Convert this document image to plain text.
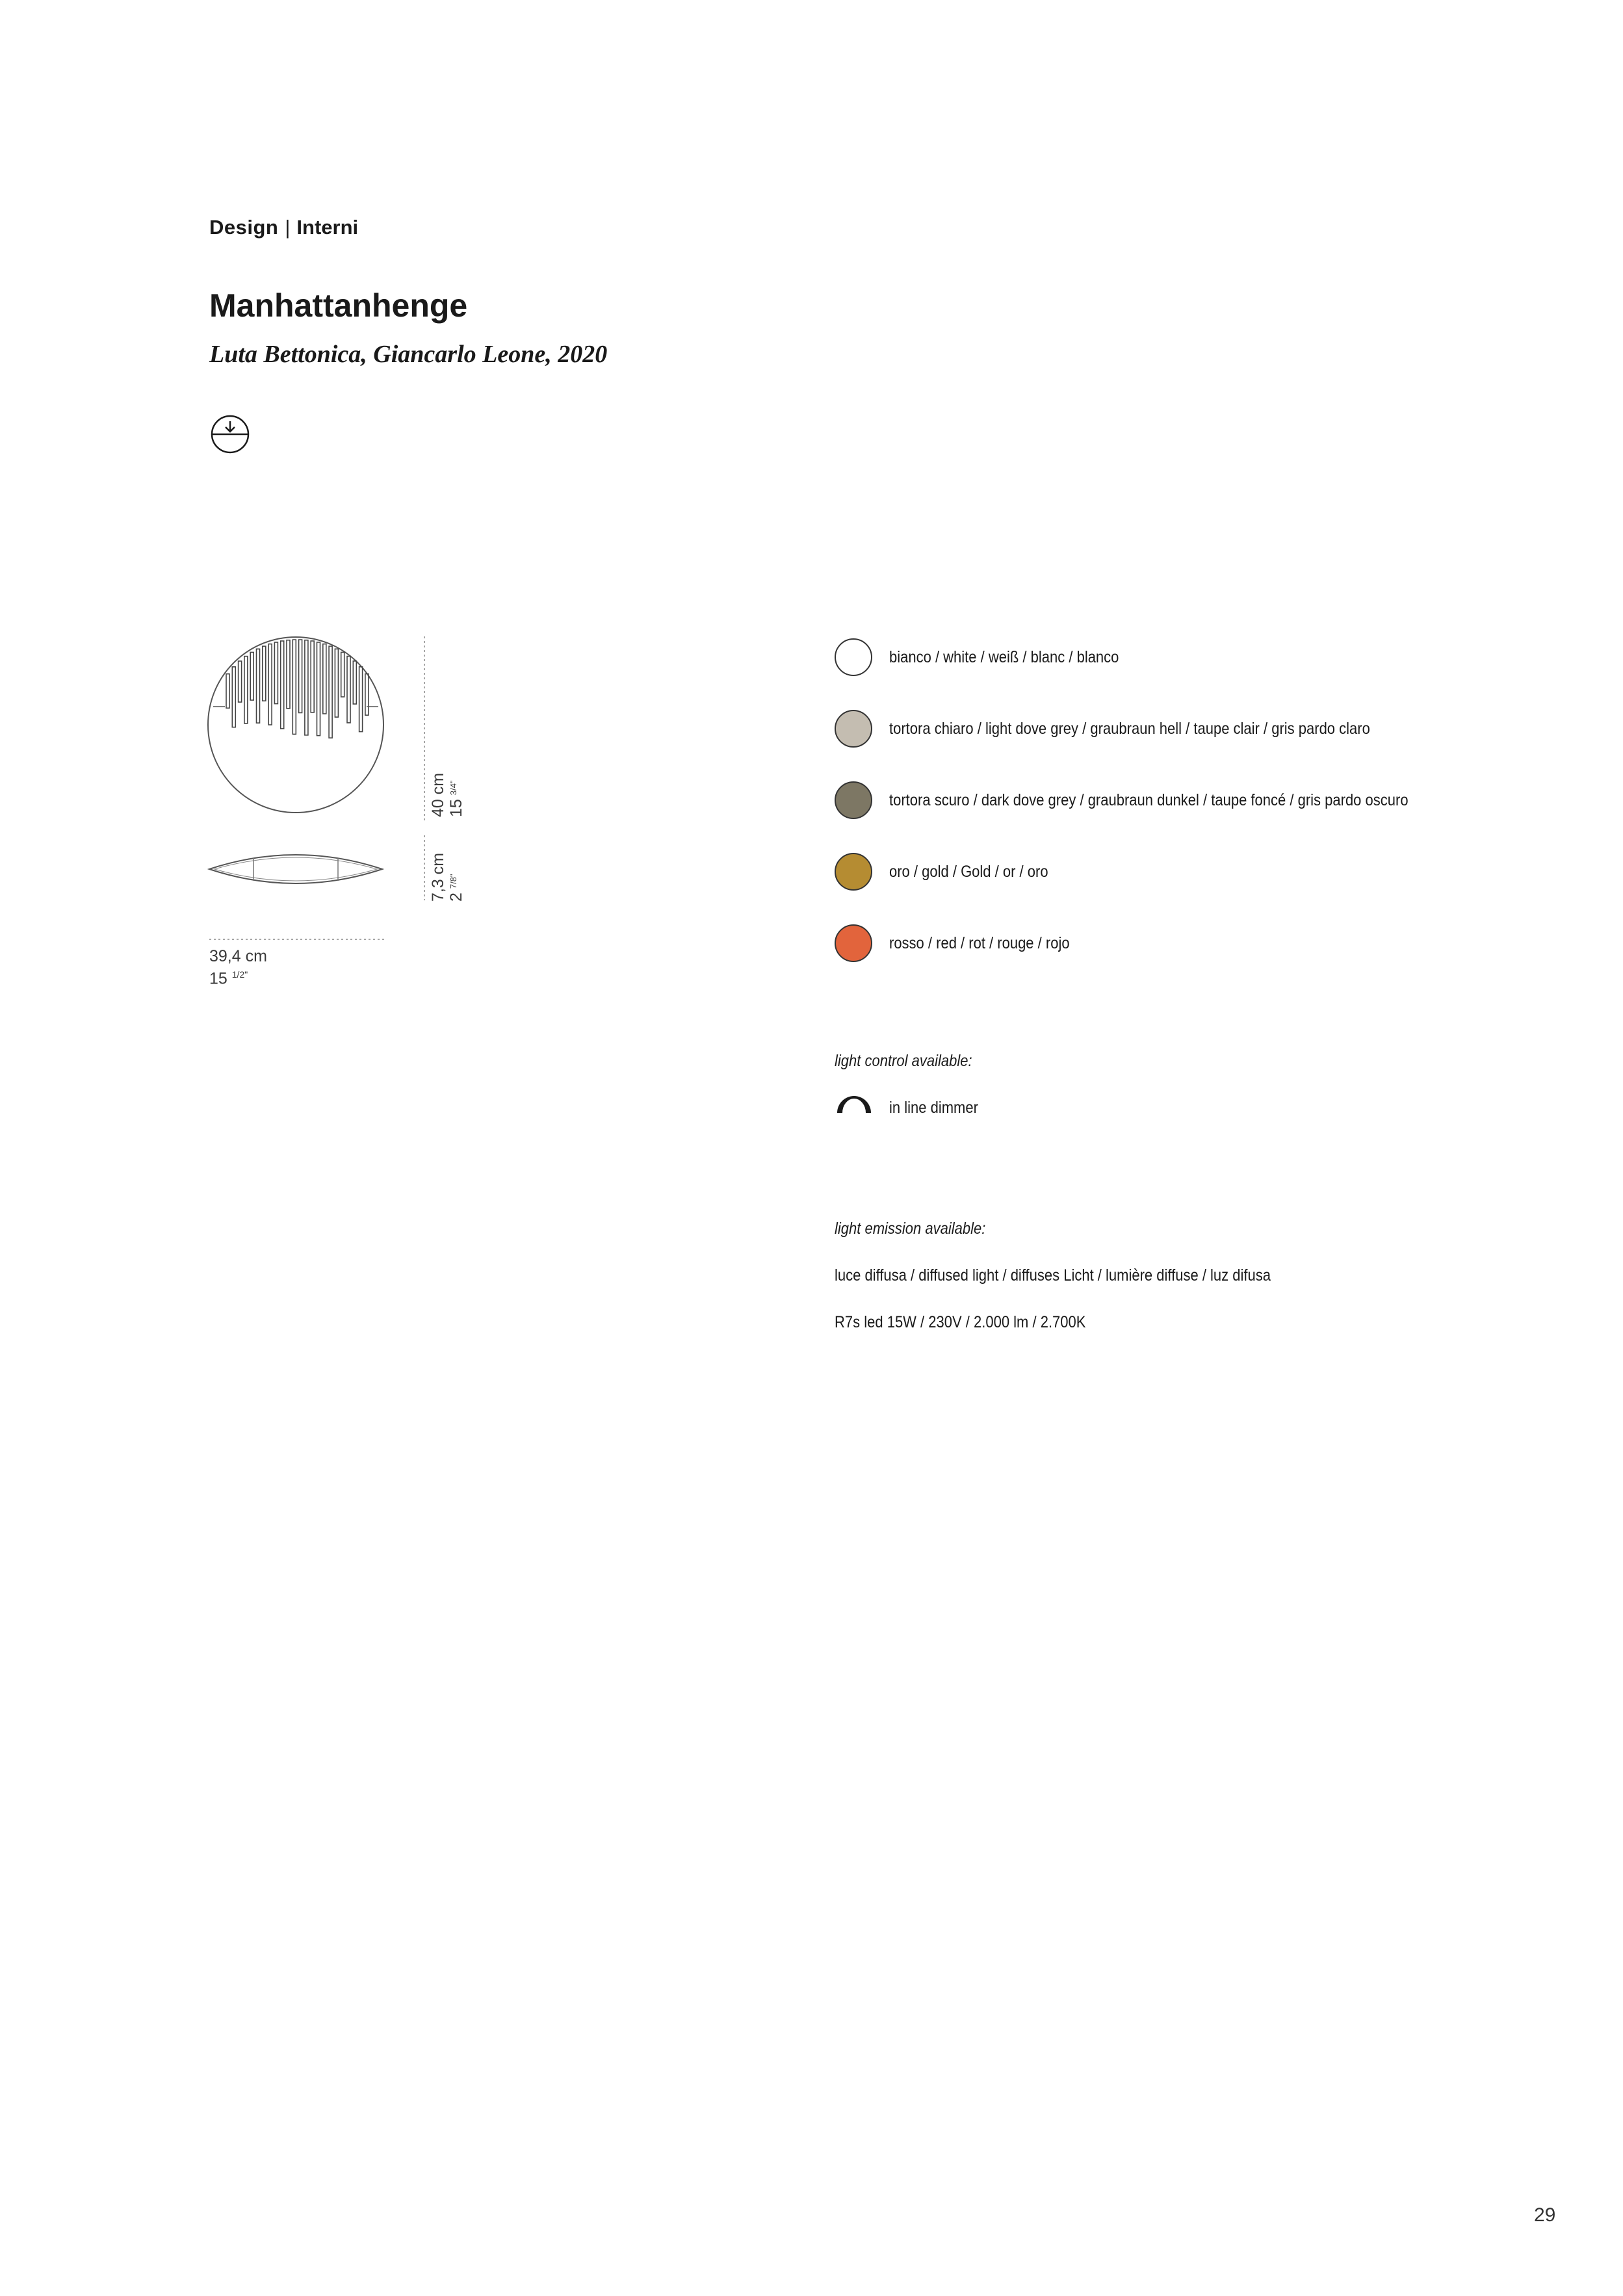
Design | Interni
Manhattanhenge
Luta Bettonica, Giancarlo Leone, 2020
40 cm $15^{3/4"}$
7,3 cm $2^{7/8"}$
39,4 cm
15 $^{1/2"}$
bianco / white / weiß / blanc / blanco
tortora chiaro / light dove grey / graubraun hell / taupe clair / gris pardo claro
tortora scuro / dark dove grey / graubraun dunkel / taupe foncé / gris pardo oscuro
oro / gold / Gold / or / oro
rosso / red / rot / rouge / rojo
light control available:
in line dimmer
light emission available:
luce diffusa / diffused light / diffuses Licht / lumière diffuse / luz difusa
R7s led 15W / 230V / 2.000 lm / 2.700K
29
